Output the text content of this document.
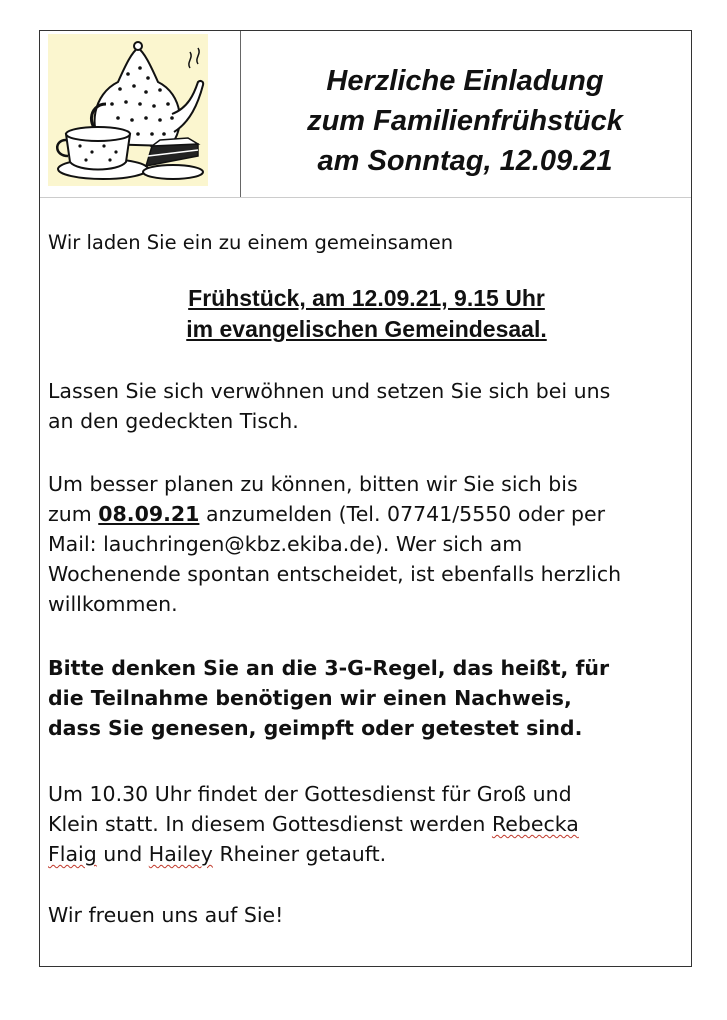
Herzliche Einladung
zum Familienfrühstück
am Sonntag, 12.09.21
Wir laden Sie ein zu einem gemeinsamen
Frühstück, am 12.09.21, 9.15 Uhr
im evangelischen Gemeindesaal.
Lassen Sie sich verwöhnen und setzen Sie sich bei uns
an den gedeckten Tisch.
Um besser planen zu können, bitten wir Sie sich bis
zum 08.09.21 anzumelden (Tel. 07741/5550 oder per
Mail: lauchringen@kbz.ekiba.de). Wer sich am
Wochenende spontan entscheidet, ist ebenfalls herzlich
willkommen.
Bitte denken Sie an die 3-G-Regel, das heißt, für
die Teilnahme benötigen wir einen Nachweis,
dass Sie genesen, geimpft oder getestet sind.
Um 10.30 Uhr findet der Gottesdienst für Groß und
Klein statt. In diesem Gottesdienst werden Rebecka
Flaig und Hailey Rheiner getauft.
Wir freuen uns auf Sie!
